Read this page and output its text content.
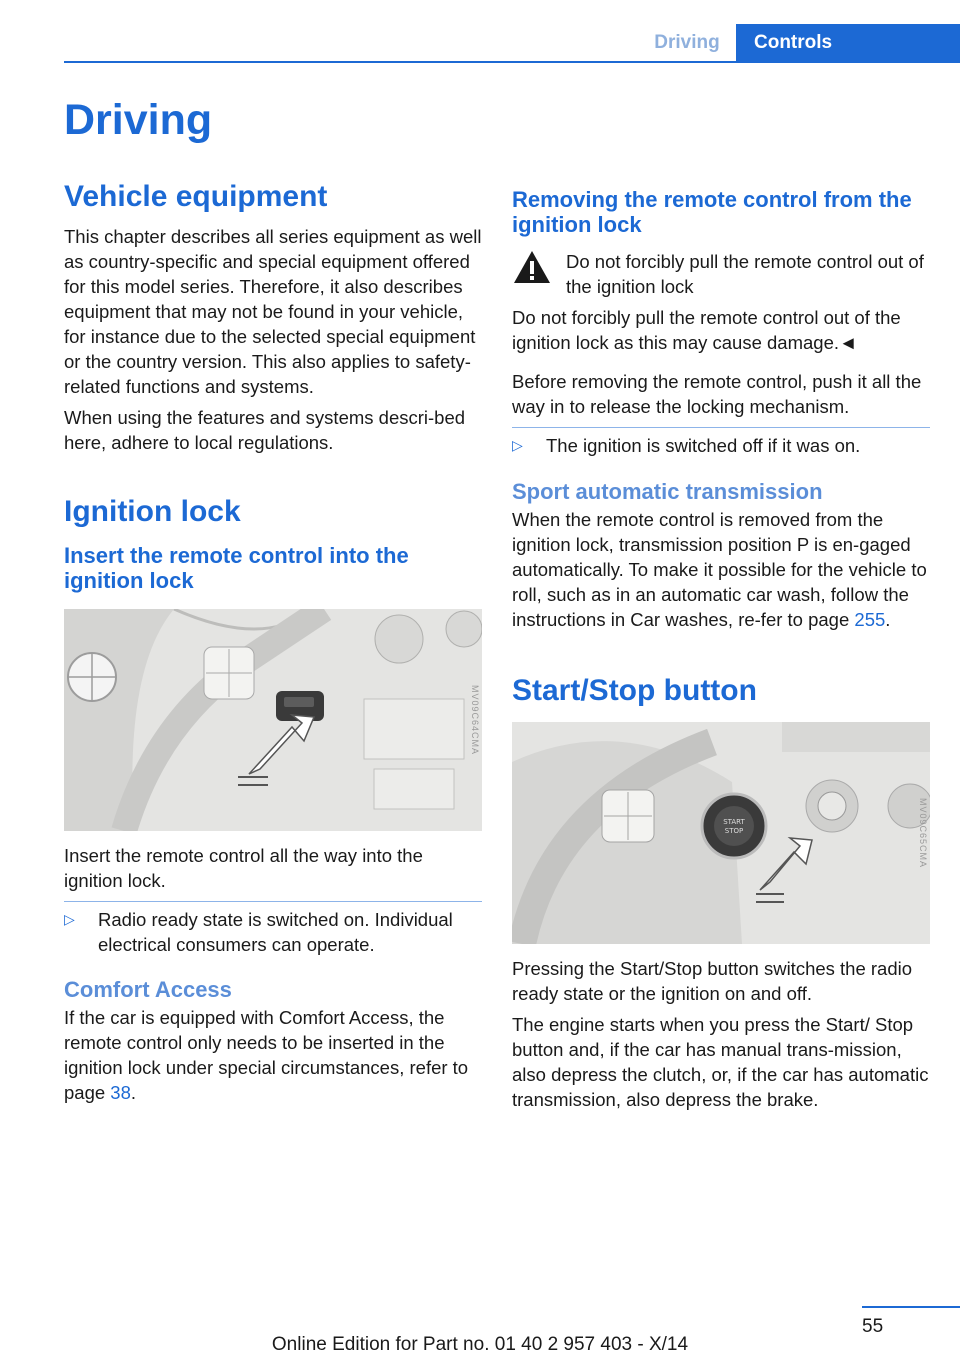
Driving	Controls
Driving
Vehicle equipment

This chapter describes all series equipment as well as country-specific and special equipment offered for this model series. Therefore, it also describes equipment that may not be found in your vehicle, for instance due to the selected special equipment or the country version. This also applies to safety-related functions and systems.

When using the features and systems descri‐bed here, adhere to local regulations.

Ignition lock
Insert the remote control into the ignition lock
MV09C64CMA

Insert the remote control all the way into the ignition lock.

▷	Radio ready state is switched on. Individual electrical consumers can operate.
Comfort Access

If the car is equipped with Comfort Access, the remote control only needs to be inserted in the ignition lock under special circumstances, refer to page 38.

Removing the remote control from the ignition lock

Do not forcibly pull the remote control out of the ignition lock

Do not forcibly pull the remote control out of the ignition lock as this may cause damage.◄

Before removing the remote control, push it all the way in to release the locking mechanism.

▷	The ignition is switched off if it was on.
Sport automatic transmission

When the remote control is removed from the ignition lock, transmission position P is en‐gaged automatically. To make it possible for the vehicle to roll, such as in an automatic car wash, follow the instructions in Car washes, re‐fer to page 255.

Start/Stop button
START
STOP	MV09C65CMA

Pressing the Start/Stop button switches the radio ready state or the ignition on and off.

The engine starts when you press the Start/ Stop button and, if the car has manual trans‐mission, also depress the clutch, or, if the car has automatic transmission, also depress the brake.

55
Online Edition for Part no. 01 40 2 957 403 - X/14
